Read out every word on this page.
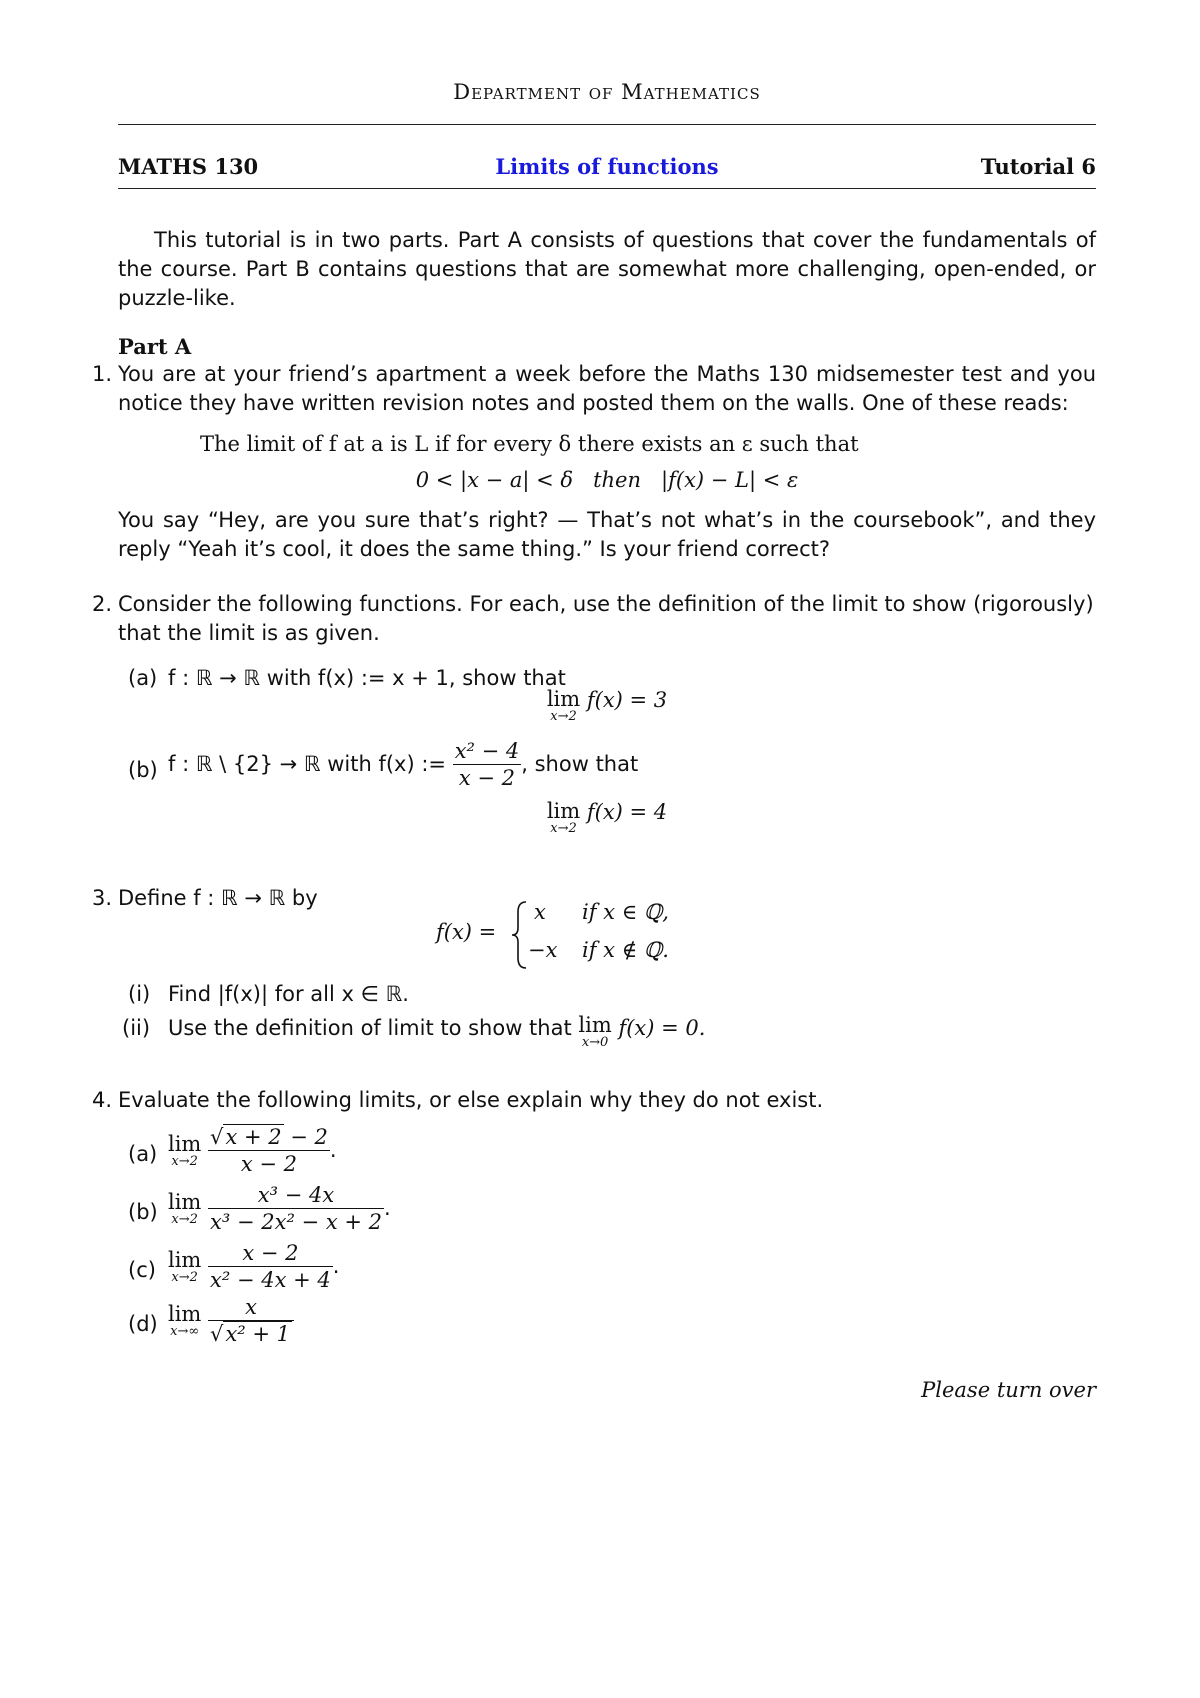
Department of Mathematics
MATHS 130	Limits of functions	Tutorial 6
This tutorial is in two parts. Part A consists of questions that cover the fundamentals of the course. Part B contains questions that are somewhat more challenging, open-ended, or puzzle-like.
Part A
1. You are at your friend’s apartment a week before the Maths 130 midsemester test and you notice they have written revision notes and posted them on the walls. One of these reads:
The limit of f at a is L if for every δ there exists an ε such that
0 < |x − a| < δ   then   |f(x) − L| < ε
You say “Hey, are you sure that’s right? — That’s not what’s in the coursebook”, and they reply “Yeah it’s cool, it does the same thing.” Is your friend correct?
2. Consider the following functions. For each, use the definition of the limit to show (rigorously) that the limit is as given.
(a) f : ℝ → ℝ with f(x) := x + 1, show that
lim
x→2
f(x) = 3
(b) f : ℝ \ {2} → ℝ with f(x) := $\frac{\text{x² − 4}}{x - 2}$ , show that
lim
x→2
f(x) = 4
3. Define f : ℝ → ℝ by
f(x) =
x if x ∈ ℚ,
−x if x ∉ ℚ.
(i) Find |f(x)| for all x ∈ ℝ.
(ii) Use the definition of limit to show that lim
x→0
f(x) = 0.
4. Evaluate the following limits, or else explain why they do not exist.
(a) lim
x→2
$\frac{√x + 2 - 2}{x - 2}$ .
(b) lim
x→2
$\frac{\text{x³ − 4x}}{\text{x³ − 2x² − x + 2}}$ .
(c) lim
x→2
$\frac{x - 2}{\text{x² − 4x + 4}}$ .
(d) lim
x→∞
$\frac{x}{\text{√x² + 1}}$
Please turn over
